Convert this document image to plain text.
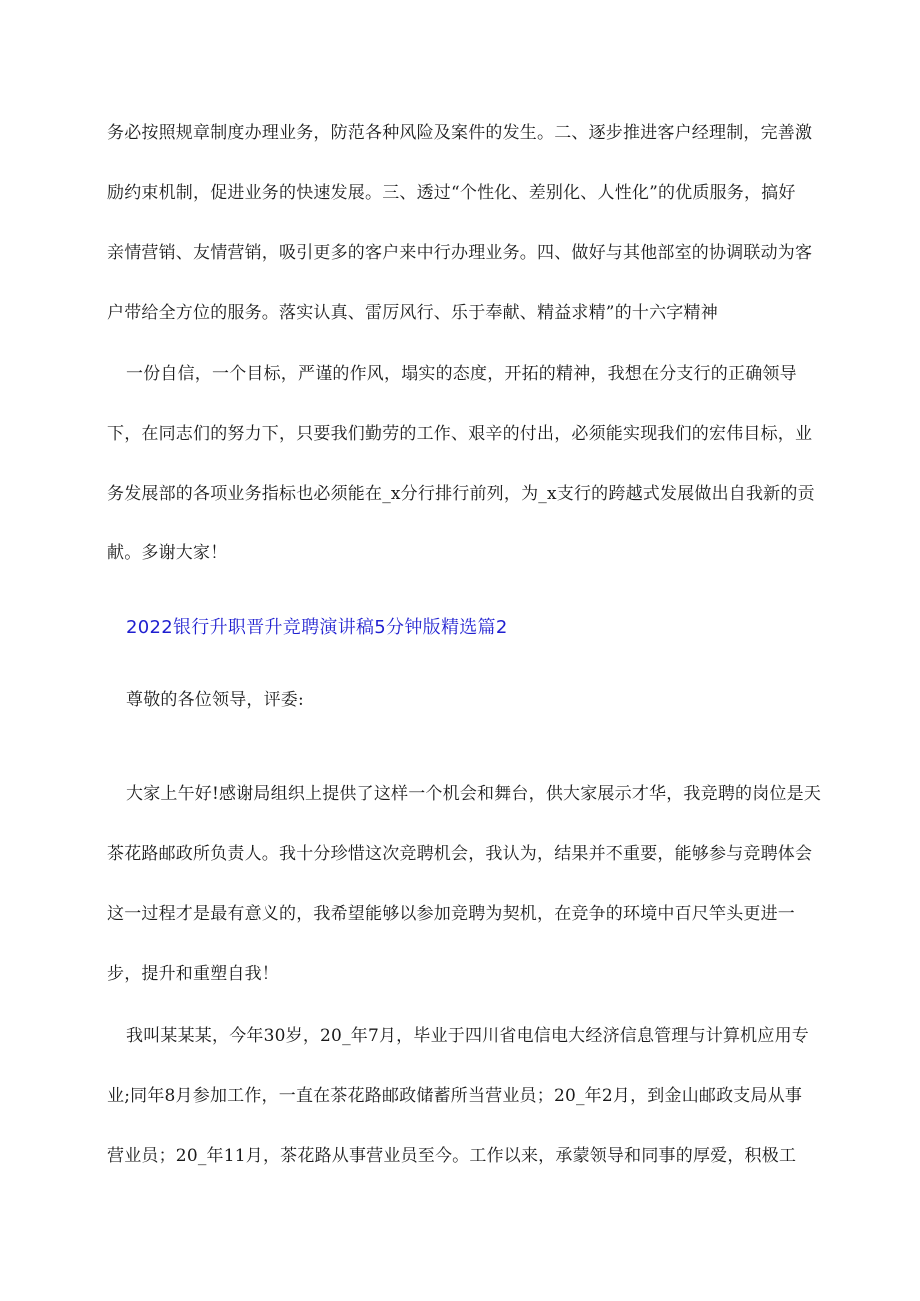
务必按照规章制度办理业务，防范各种风险及案件的发生。二、逐步推进客户经理制，完善激
励约束机制，促进业务的快速发展。三、透过“个性化、差别化、人性化”的优质服务，搞好
亲情营销、友情营销，吸引更多的客户来中行办理业务。四、做好与其他部室的协调联动为客
户带给全方位的服务。落实认真、雷厉风行、乐于奉献、精益求精”的十六字精神
一份自信，一个目标，严谨的作风，塌实的态度，开拓的精神，我想在分支行的正确领导
下，在同志们的努力下，只要我们勤劳的工作、艰辛的付出，必须能实现我们的宏伟目标，业
务发展部的各项业务指标也必须能在_x分行排行前列，为_x支行的跨越式发展做出自我新的贡
献。多谢大家！
2022银行升职晋升竞聘演讲稿5分钟版精选篇2
尊敬的各位领导，评委:
大家上午好!感谢局组织上提供了这样一个机会和舞台，供大家展示才华，我竞聘的岗位是天
茶花路邮政所负责人。我十分珍惜这次竞聘机会，我认为，结果并不重要，能够参与竞聘体会
这一过程才是最有意义的，我希望能够以参加竞聘为契机，在竞争的环境中百尺竿头更进一
步，提升和重塑自我！
我叫某某某，今年30岁，20_年7月，毕业于四川省电信电大经济信息管理与计算机应用专
业;同年8月参加工作，一直在茶花路邮政储蓄所当营业员；20_年2月，到金山邮政支局从事
营业员；20_年11月，茶花路从事营业员至今。工作以来，承蒙领导和同事的厚爱，积极工
